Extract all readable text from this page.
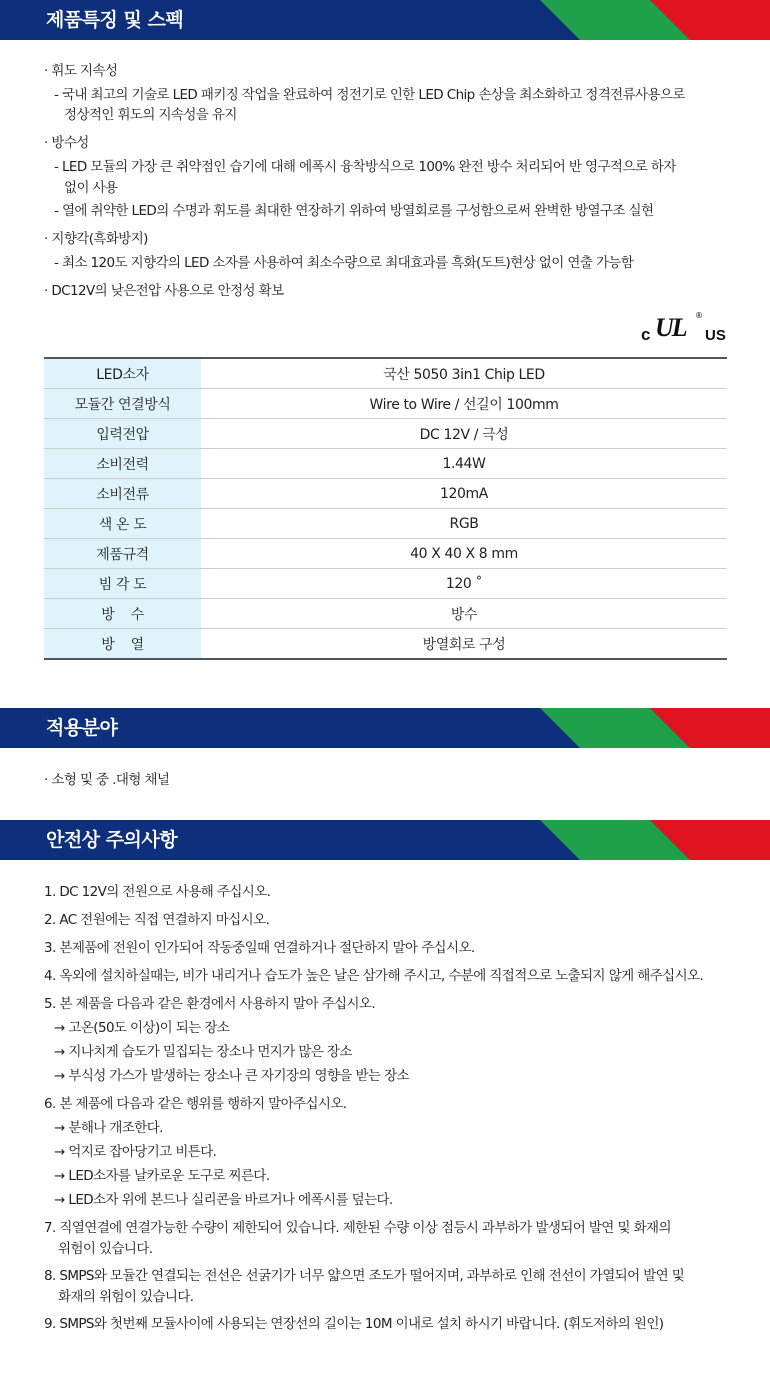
제품특징 및 스펙
· 휘도 지속성
- 국내 최고의 기술로 LED 패키징 작업을 완료하여 정전기로 인한 LED Chip 손상을 최소화하고 정격전류사용으로
정상적인 휘도의 지속성을 유지
· 방수성
- LED 모듈의 가장 큰 취약점인 습기에 대해 에폭시 융착방식으로 100% 완전 방수 처리되어 반 영구적으로 하자
없이 사용
- 열에 취약한 LED의 수명과 휘도를 최대한 연장하기 위하여 방열회로를 구성함으로써 완벽한 방열구조 실현
· 지향각(흑화방지)
- 최소 120도 지향각의 LED 소자를 사용하여 최소수량으로 최대효과를 흑화(도트)현상 없이 연출 가능함
· DC12V의 낮은전압 사용으로 안정성 확보
c UL ®
US
LED소자	국산 5050 3in1 Chip LED
모듈간 연결방식	Wire to Wire / 선길이 100mm
입력전압	DC 12V / 극성
소비전력	1.44W
소비전류	120mA
색 온 도	RGB
제품규격	40 X 40 X 8 mm
빔 각 도	120 ˚
방    수	방수
방    열	방열회로 구성
적용분야
· 소형 및 중 .대형 채널
안전상 주의사항
1. DC 12V의 전원으로 사용해 주십시오.
2. AC 전원에는 직접 연결하지 마십시오.
3. 본제품에 전원이 인가되어 작동중일때 연결하거나 절단하지 말아 주십시오.
4. 옥외에 설치하실때는, 비가 내리거나 습도가 높은 날은 삼가해 주시고, 수분에 직접적으로 노출되지 않게 해주십시오.
5. 본 제품을 다음과 같은 환경에서 사용하지 말아 주십시오.
→ 고온(50도 이상)이 되는 장소
→ 지나치게 습도가 밀집되는 장소나 먼지가 많은 장소
→ 부식성 가스가 발생하는 장소나 큰 자기장의 영향을 받는 장소
6. 본 제품에 다음과 같은 행위를 행하지 말아주십시오.
→ 분해나 개조한다.
→ 억지로 잡아당기고 비튼다.
→ LED소자를 날카로운 도구로 찌른다.
→ LED소자 위에 본드나 실리콘을 바르거나 에폭시를 덮는다.
7. 직열연결에 연결가능한 수량이 제한되어 있습니다. 제한된 수량 이상 점등시 과부하가 발생되어 발연 및 화재의
위험이 있습니다.
8. SMPS와 모듈간 연결되는 전선은 선굵기가 너무 얇으면 조도가 떨어지며, 과부하로 인해 전선이 가열되어 발연 및
화재의 위험이 있습니다.
9. SMPS와 첫번째 모듈사이에 사용되는 연장선의 길이는 10M 이내로 설치 하시기 바랍니다. (휘도저하의 원인)
